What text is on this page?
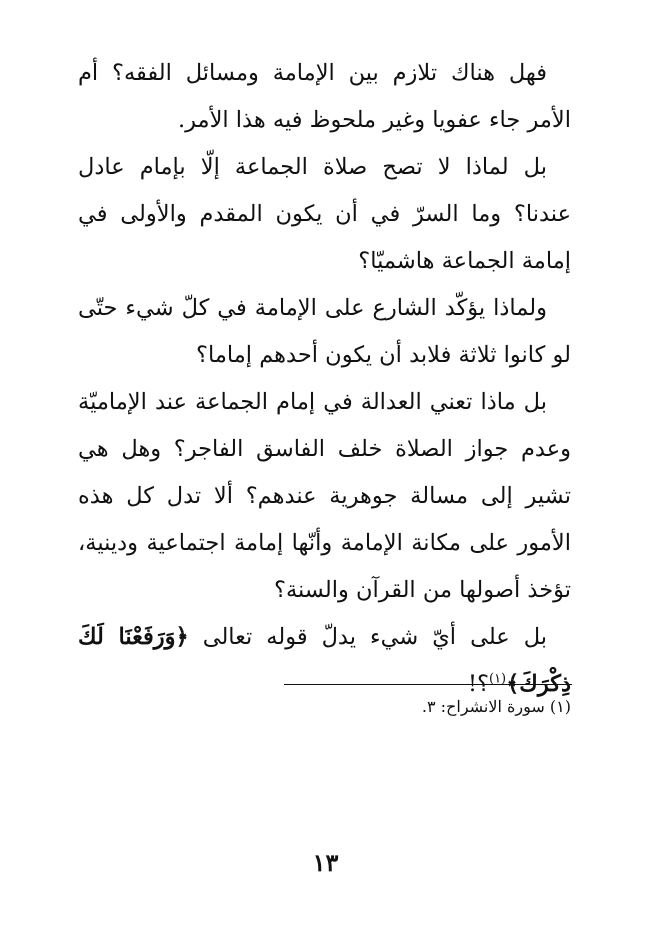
فهل هناك تلازم بين الإمامة ومسائل الفقه؟ أم الأمر جاء عفويا وغير ملحوظ فيه هذا الأمر.

بل لماذا لا تصح صلاة الجماعة إلّا بإمام عادل عندنا؟ وما السرّ في أن يكون المقدم والأولى في إمامة الجماعة هاشميّا؟

ولماذا يؤكّد الشارع على الإمامة في كلّ شيء حتّى لو كانوا ثلاثة فلابد أن يكون أحدهم إماما؟

بل ماذا تعني العدالة في إمام الجماعة عند الإماميّة وعدم جواز الصلاة خلف الفاسق الفاجر؟ وهل هي تشير إلى مسالة جوهرية عندهم؟ ألا تدل كل هذه الأمور على مكانة الإمامة وأنّها إمامة اجتماعية ودينية، تؤخذ أصولها من القرآن والسنة؟

بل على أيّ شيء يدلّ قوله تعالى ﴿وَرَفَعْنَا لَكَ ذِكْرَكَ﴾$^{(١)}$؟!

(١) سورة الانشراح: ٣.
١٣
